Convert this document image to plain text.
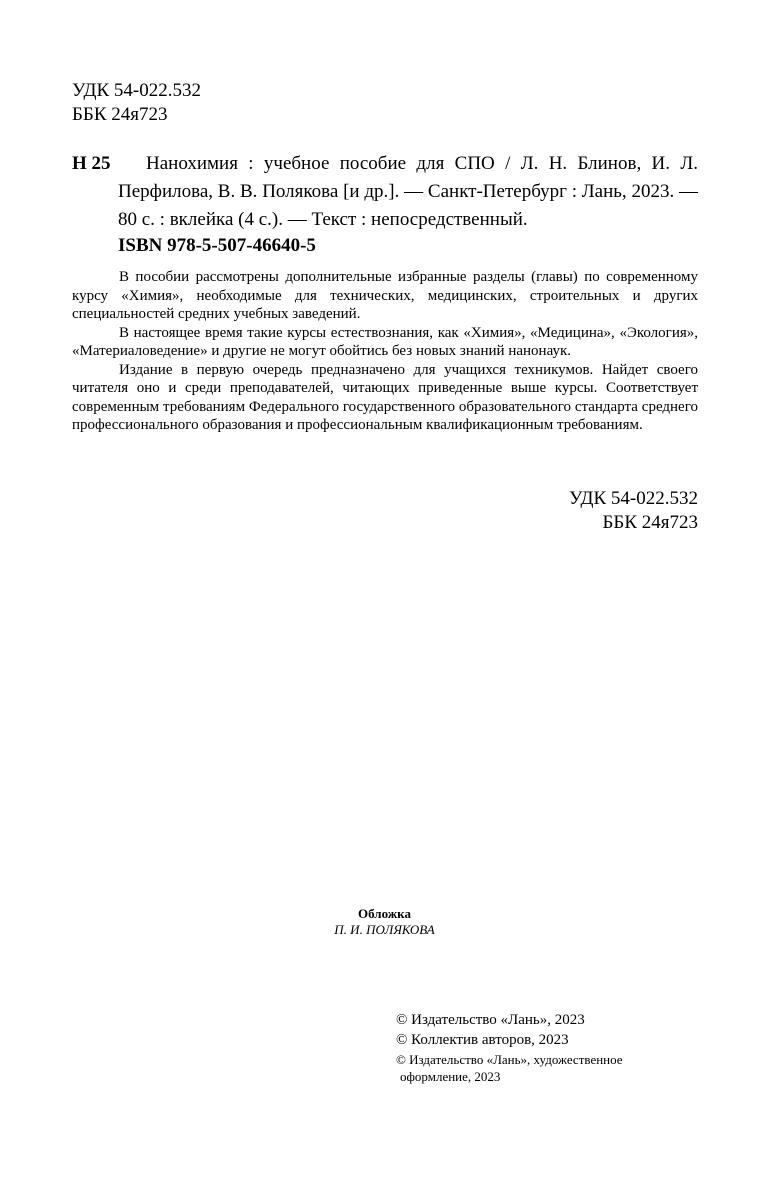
УДК 54-022.532
ББК 24я723
Н 25	Нанохимия : учебное пособие для СПО / Л. Н. Блинов, И. Л. Перфилова, В. В. Полякова [и др.]. — Санкт-Петербург : Лань, 2023. — 80 с. : вклейка (4 с.). — Текст : непосредственный.
ISBN 978-5-507-46640-5

В пособии рассмотрены дополнительные избранные разделы (главы) по современному курсу «Химия», необходимые для технических, медицинских, строительных и других специальностей средних учебных заведений.

В настоящее время такие курсы естествознания, как «Химия», «Медицина», «Экология», «Материаловедение» и другие не могут обойтись без новых знаний нанонаук.

Издание в первую очередь предназначено для учащихся техникумов. Найдет своего читателя оно и среди преподавателей, читающих приведенные выше курсы. Соответствует современным требованиям Федерального государственного образовательного стандарта среднего профессионального образования и профессиональным квалификационным требованиям.

УДК 54-022.532
ББК 24я723
Обложка
П. И. ПОЛЯКОВА
© Издательство «Лань», 2023
© Коллектив авторов, 2023
© Издательство «Лань», художественное
оформление, 2023
